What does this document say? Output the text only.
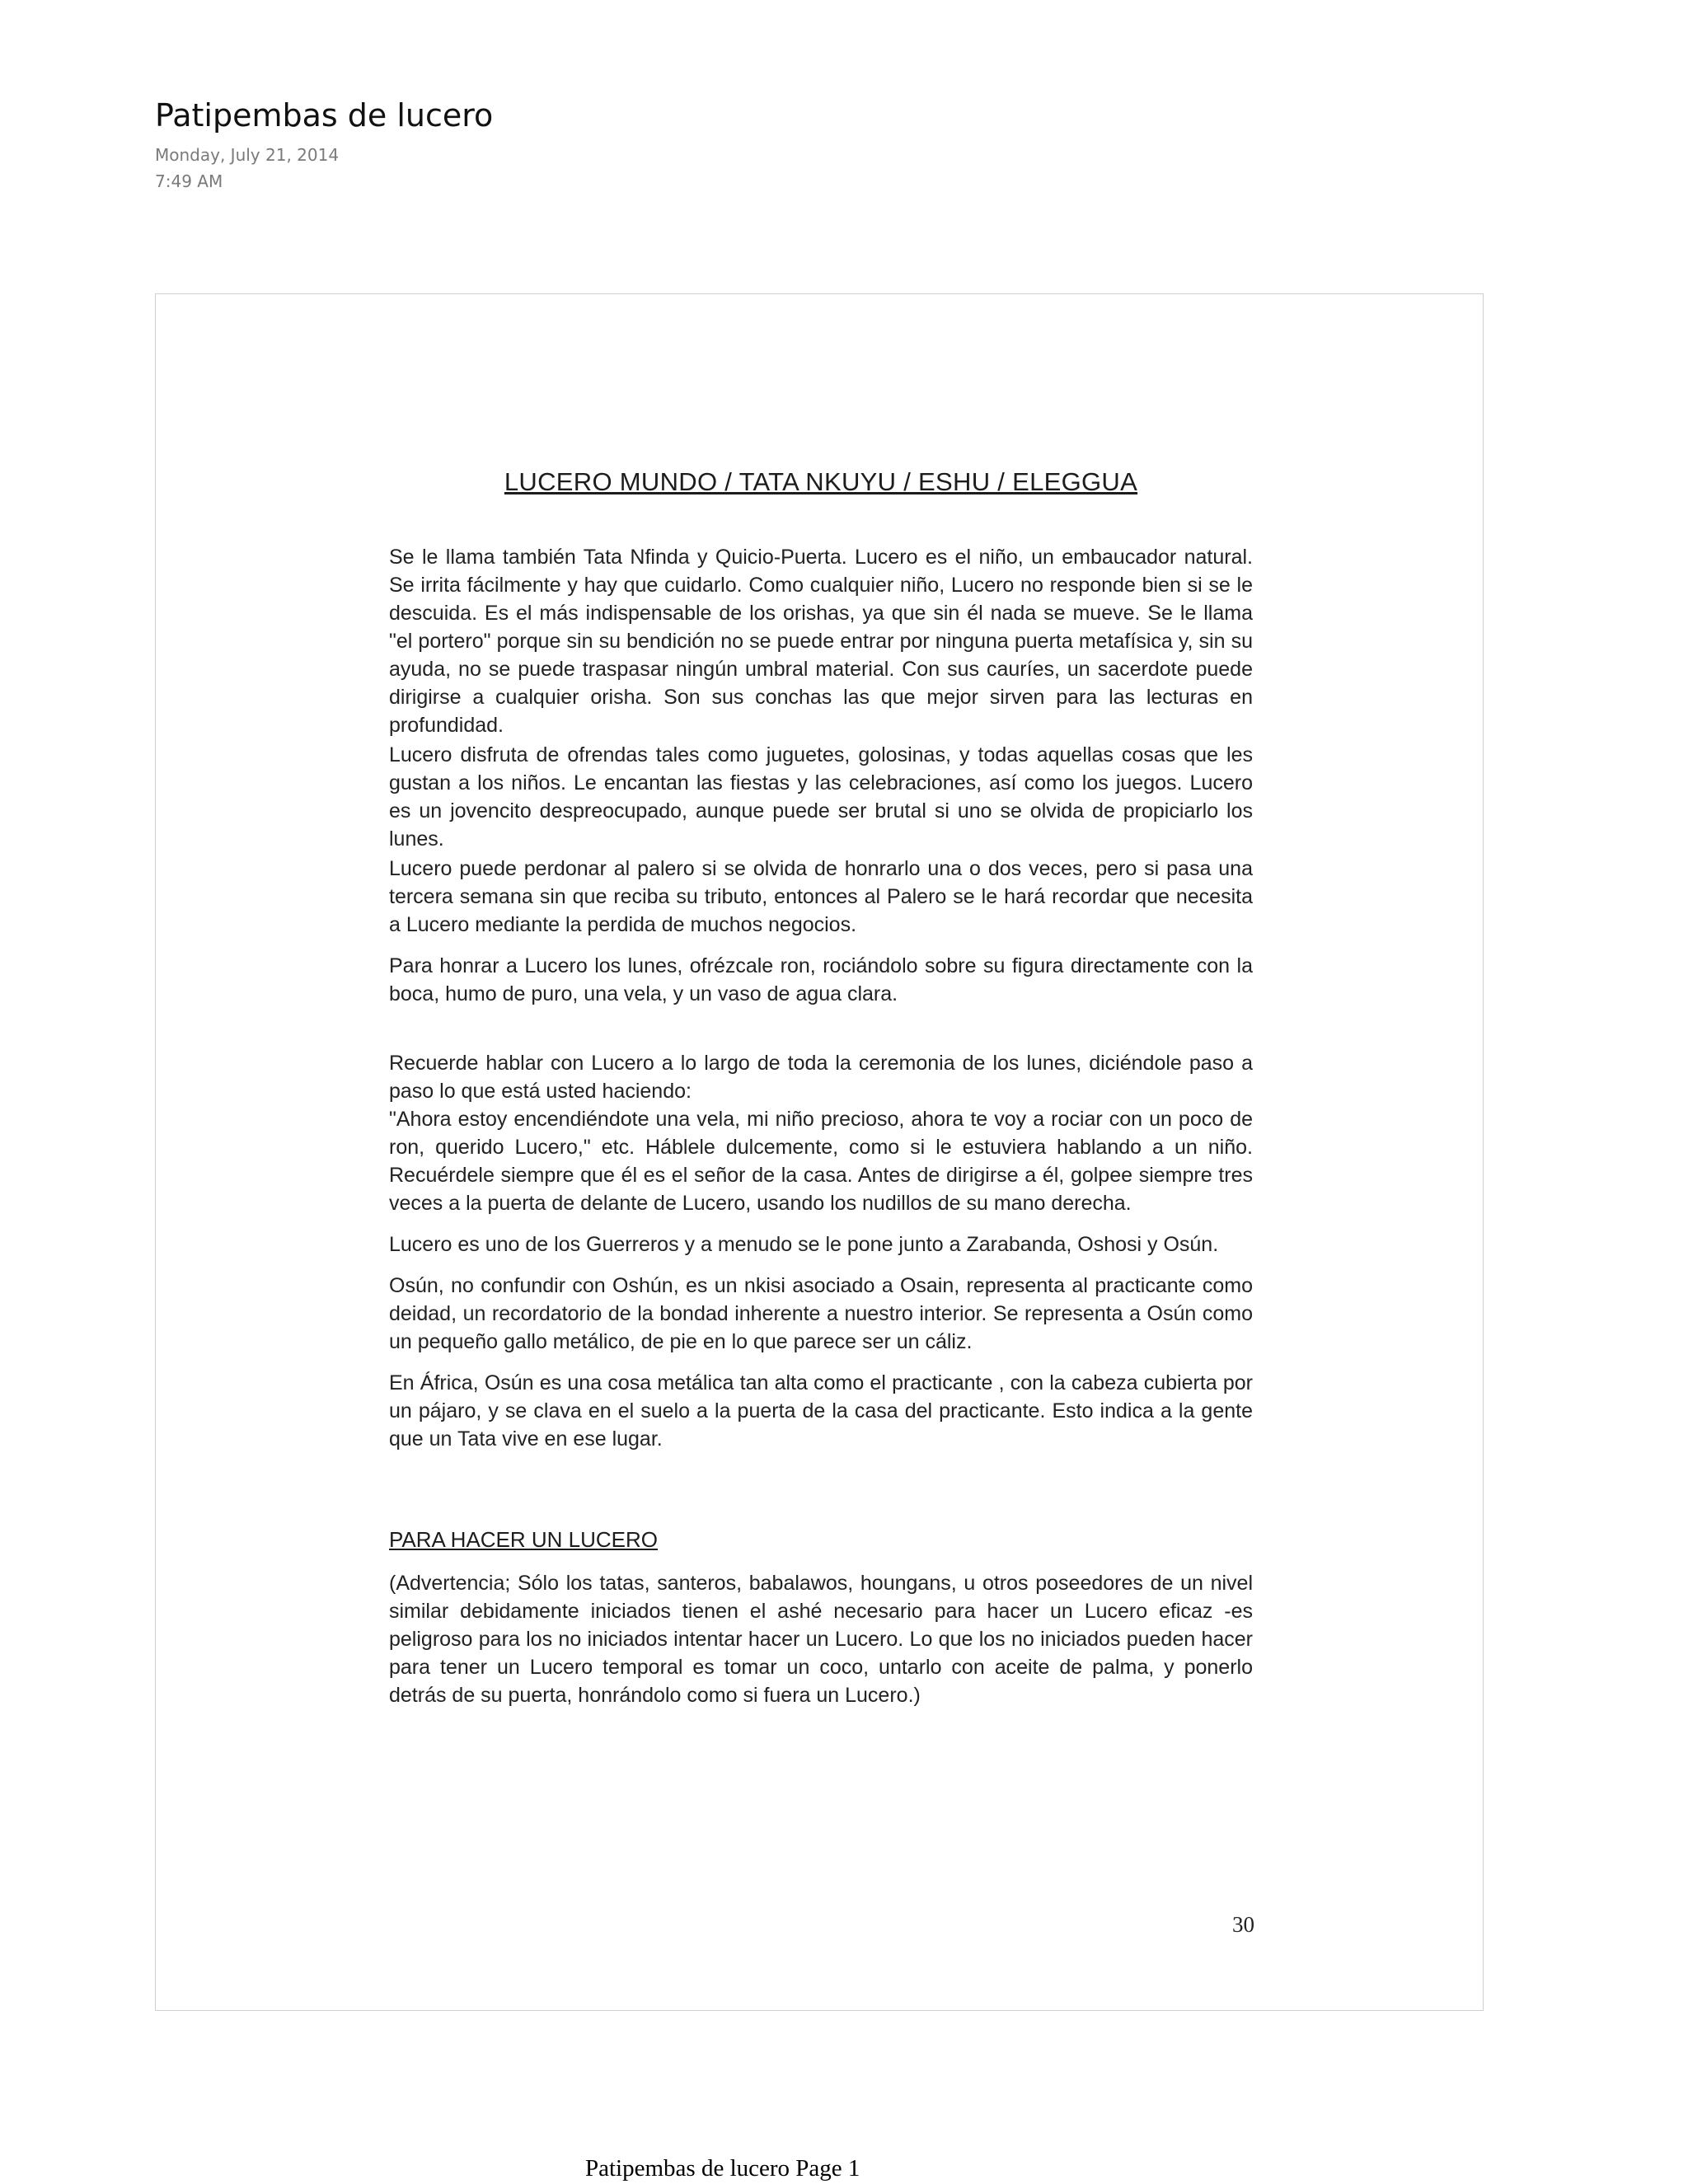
Patipembas de lucero
Monday, July 21, 2014
7:49 AM
LUCERO MUNDO / TATA NKUYU / ESHU / ELEGGUA

Se le llama también Tata Nfinda y Quicio-Puerta. Lucero es el niño, un embaucador natural. Se irrita fácilmente y hay que cuidarlo. Como cualquier niño, Lucero no responde bien si se le descuida. Es el más indispensable de los orishas, ya que sin él nada se mueve. Se le llama "el portero" porque sin su bendición no se puede entrar por ninguna puerta metafísica y, sin su ayuda, no se puede traspasar ningún umbral material. Con sus cauríes, un sacerdote puede dirigirse a cualquier orisha. Son sus conchas las que mejor sirven para las lecturas en profundidad.

Lucero disfruta de ofrendas tales como juguetes, golosinas, y todas aquellas cosas que les gustan a los niños. Le encantan las fiestas y las celebraciones, así como los juegos. Lucero es un jovencito despreocupado, aunque puede ser brutal si uno se olvida de propiciarlo los lunes.

Lucero puede perdonar al palero si se olvida de honrarlo una o dos veces, pero si pasa una tercera semana sin que reciba su tributo, entonces al Palero se le hará recordar que necesita a Lucero mediante la perdida de muchos negocios.

Para honrar a Lucero los lunes, ofrézcale ron, rociándolo sobre su figura directamente con la boca, humo de puro, una vela, y un vaso de agua clara.

Recuerde hablar con Lucero a lo largo de toda la ceremonia de los lunes, diciéndole paso a paso lo que está usted haciendo:

"Ahora estoy encendiéndote una vela, mi niño precioso, ahora te voy a rociar con un poco de ron, querido Lucero," etc. Háblele dulcemente, como si le estuviera hablando a un niño. Recuérdele siempre que él es el señor de la casa. Antes de dirigirse a él, golpee siempre tres veces a la puerta de delante de Lucero, usando los nudillos de su mano derecha.

Lucero es uno de los Guerreros y a menudo se le pone junto a Zarabanda, Oshosi y Osún.

Osún, no confundir con Oshún, es un nkisi asociado a Osain, representa al practicante como deidad, un recordatorio de la bondad inherente a nuestro interior. Se representa a Osún como un pequeño gallo metálico, de pie en lo que parece ser un cáliz.

En África, Osún es una cosa metálica tan alta como el practicante , con la cabeza cubierta por un pájaro, y se clava en el suelo a la puerta de la casa del practicante. Esto indica a la gente que un Tata vive en ese lugar.

PARA HACER UN LUCERO

(Advertencia; Sólo los tatas, santeros, babalawos, houngans, u otros poseedores de un nivel similar debidamente iniciados tienen el ashé necesario para hacer un Lucero eficaz -es peligroso para los no iniciados intentar hacer un Lucero. Lo que los no iniciados pueden hacer para tener un Lucero temporal es tomar un coco, untarlo con aceite de palma, y ponerlo detrás de su puerta, honrándolo como si fuera un Lucero.)

30
Patipembas de lucero Page 1
